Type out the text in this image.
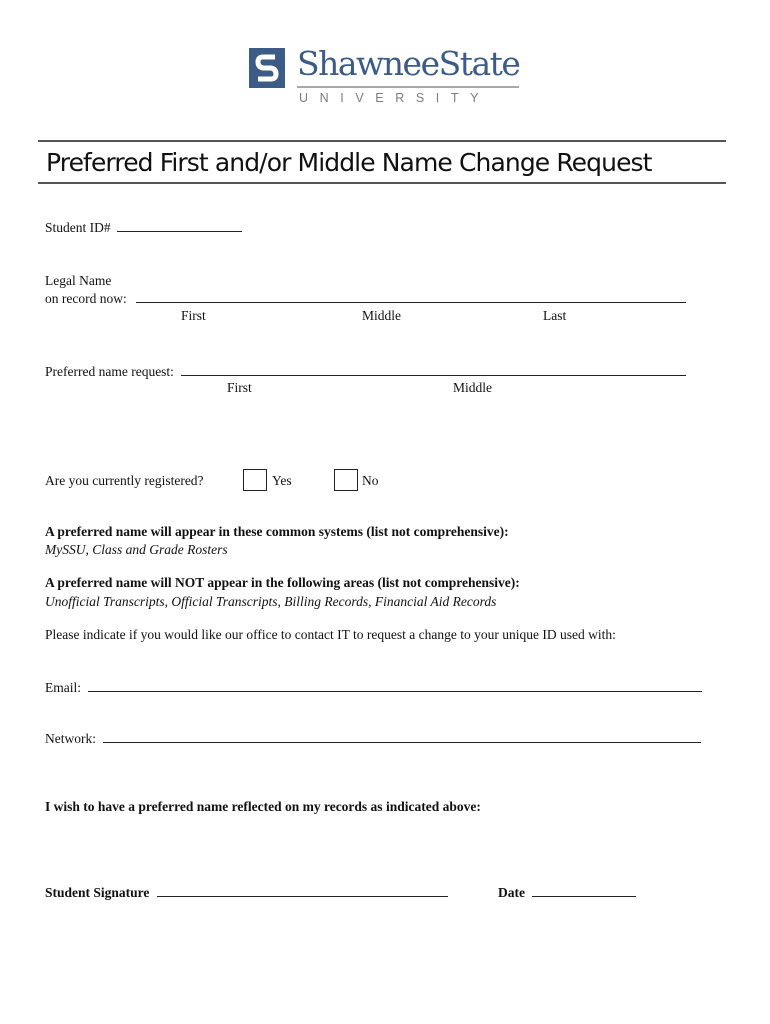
ShawneeState
UNIVERSITY
Preferred First and/or Middle Name Change Request
Student ID#
Legal Name
on record now:
First	Middle	Last
Preferred name request:
First	Middle
Are you currently registered?	Yes	No
A preferred name will appear in these common systems (list not comprehensive):
MySSU, Class and Grade Rosters
A preferred name will NOT appear in the following areas (list not comprehensive):
Unofficial Transcripts, Official Transcripts, Billing Records, Financial Aid Records
Please indicate if you would like our office to contact IT to request a change to your unique ID used with:
Email:
Network:
I wish to have a preferred name reflected on my records as indicated above:
Student Signature	Date
